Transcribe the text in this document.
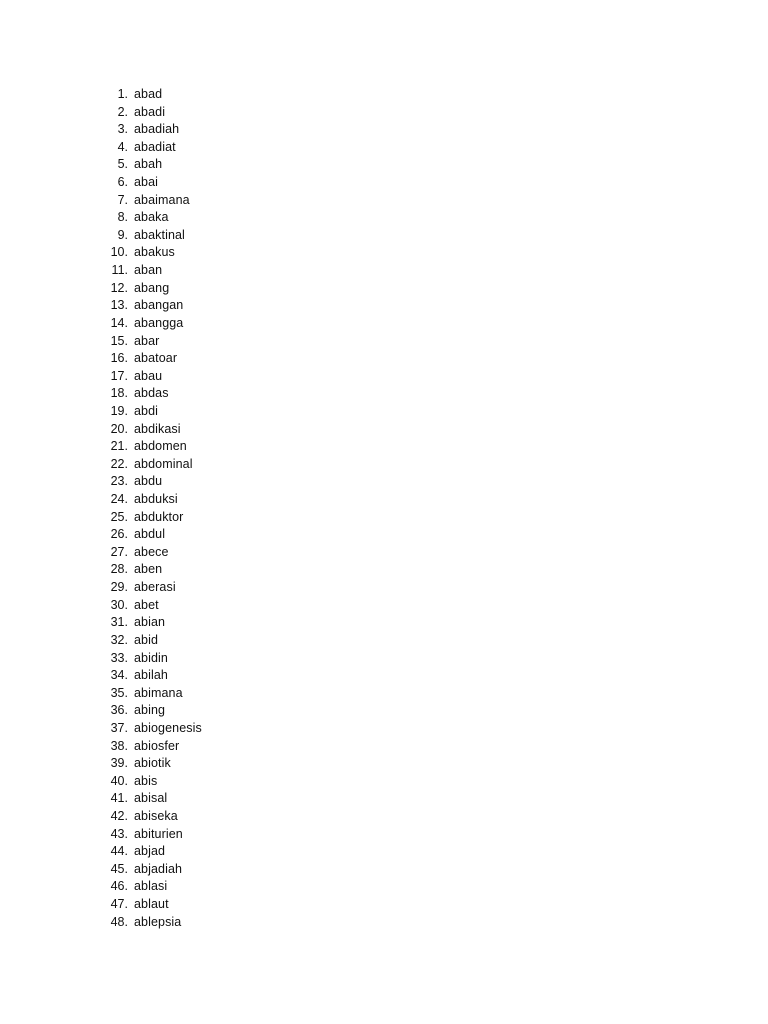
1. abad
2. abadi
3. abadiah
4. abadiat
5. abah
6. abai
7. abaimana
8. abaka
9. abaktinal
10. abakus
11. aban
12. abang
13. abangan
14. abangga
15. abar
16. abatoar
17. abau
18. abdas
19. abdi
20. abdikasi
21. abdomen
22. abdominal
23. abdu
24. abduksi
25. abduktor
26. abdul
27. abece
28. aben
29. aberasi
30. abet
31. abian
32. abid
33. abidin
34. abilah
35. abimana
36. abing
37. abiogenesis
38. abiosfer
39. abiotik
40. abis
41. abisal
42. abiseka
43. abiturien
44. abjad
45. abjadiah
46. ablasi
47. ablaut
48. ablepsia
